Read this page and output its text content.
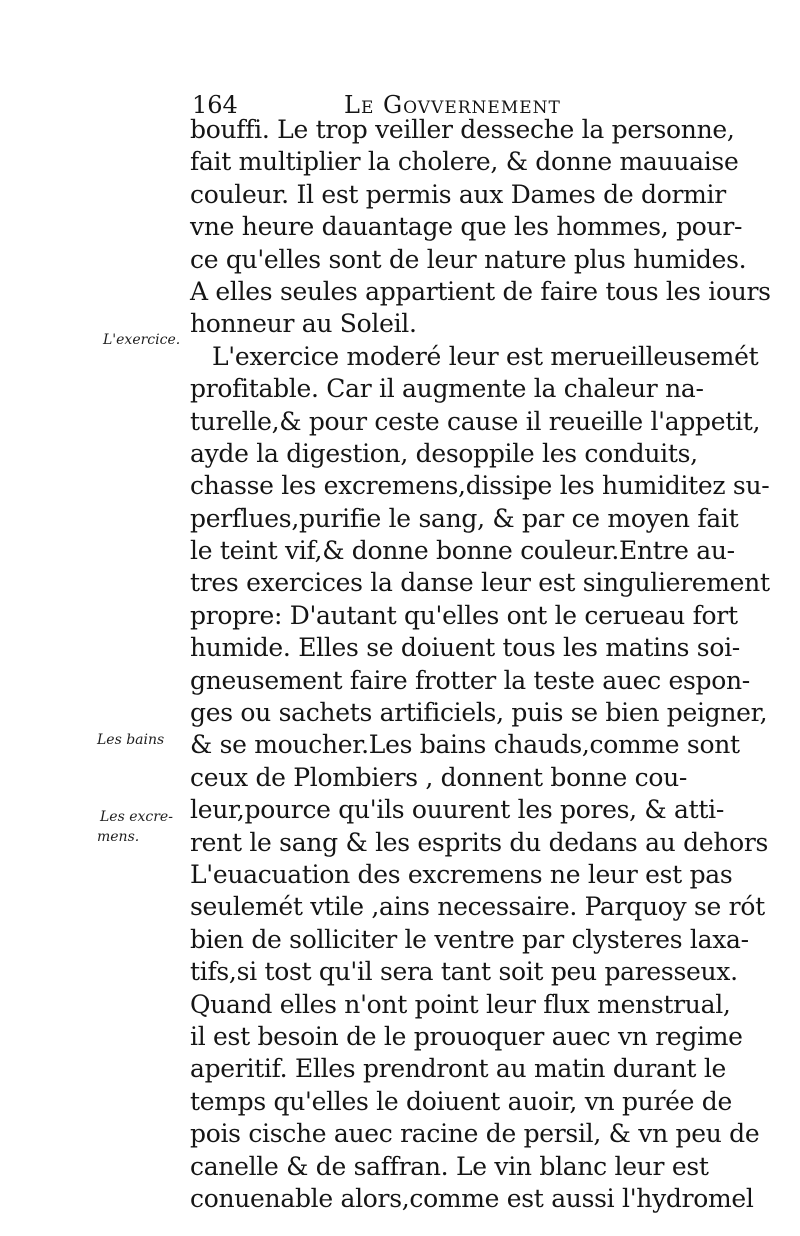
164	Le Govvernement
L'exercice.
Les bains
Les excre-
mens.
bouffi. Le trop veiller desseche la personne,
fait multiplier la cholere, & donne mauuaise
couleur. Il est permis aux Dames de dormir
vne heure dauantage que les hommes, pour-
ce qu'elles sont de leur nature plus humides.
A elles seules appartient de faire tous les iours
honneur au Soleil.
L'exercice moderé leur est merueilleusemét
profitable. Car il augmente la chaleur na-
turelle,& pour ceste cause il reueille l'appetit,
ayde la digestion, desoppile les conduits,
chasse les excremens,dissipe les humiditez su-
perflues,purifie le sang, & par ce moyen fait
le teint vif,& donne bonne couleur.Entre au-
tres exercices la danse leur est singulierement
propre: D'autant qu'elles ont le cerueau fort
humide. Elles se doiuent tous les matins soi-
gneusement faire frotter la teste auec espon-
ges ou sachets artificiels, puis se bien peigner,
& se moucher.Les bains chauds,comme sont
ceux de Plombiers , donnent bonne cou-
leur,pource qu'ils ouurent les pores, & atti-
rent le sang & les esprits du dedans au dehors
L'euacuation des excremens ne leur est pas
seulemét vtile ,ains necessaire. Parquoy se rót
bien de solliciter le ventre par clysteres laxa-
tifs,si tost qu'il sera tant soit peu paresseux.
Quand elles n'ont point leur flux menstrual,
il est besoin de le prouoquer auec vn regime
aperitif. Elles prendront au matin durant le
temps qu'elles le doiuent auoir, vn purée de
pois cische auec racine de persil, & vn peu de
canelle & de saffran. Le vin blanc leur est
conuenable alors,comme est aussi l'hydromel
